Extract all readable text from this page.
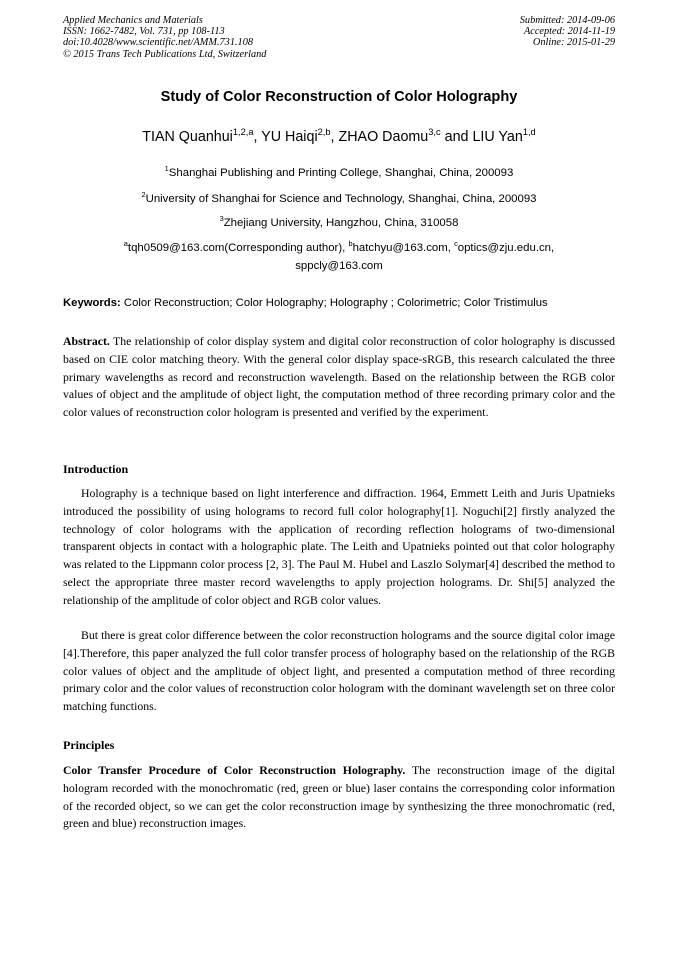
Applied Mechanics and Materials
ISSN: 1662-7482, Vol. 731, pp 108-113
doi:10.4028/www.scientific.net/AMM.731.108
© 2015 Trans Tech Publications Ltd, Switzerland
Submitted: 2014-09-06
Accepted: 2014-11-19
Online: 2015-01-29
Study of Color Reconstruction of Color Holography
TIAN Quanhui$^{1,2,a}$, YU Haiqi$^{2,b}$, ZHAO Daomu$^{3,c}$ and LIU Yan$^{1,d}$
$^1$Shanghai Publishing and Printing College, Shanghai, China, 200093
$^2$University of Shanghai for Science and Technology, Shanghai, China, 200093
$^3$Zhejiang University, Hangzhou, China, 310058
$^a$tqh0509@163.com(Corresponding author), $^b$hatchyu@163.com, $^c$optics@zju.edu.cn,
sppcly@163.com
Keywords: Color Reconstruction; Color Holography; Holography ; Colorimetric; Color Tristimulus
Abstract. The relationship of color display system and digital color reconstruction of color holography is discussed based on CIE color matching theory. With the general color display space-sRGB, this research calculated the three primary wavelengths as record and reconstruction wavelength. Based on the relationship between the RGB color values of object and the amplitude of object light, the computation method of three recording primary color and the color values of reconstruction color hologram is presented and verified by the experiment.
Introduction
Holography is a technique based on light interference and diffraction. 1964, Emmett Leith and Juris Upatnieks introduced the possibility of using holograms to record full color holography[1]. Noguchi[2] firstly analyzed the technology of color holograms with the application of recording reflection holograms of two-dimensional transparent objects in contact with a holographic plate. The Leith and Upatnieks pointed out that color holography was related to the Lippmann color process [2, 3]. The Paul M. Hubel and Laszlo Solymar[4] described the method to select the appropriate three master record wavelengths to apply projection holograms. Dr. Shi[5] analyzed the relationship of the amplitude of color object and RGB color values.
But there is great color difference between the color reconstruction holograms and the source digital color image [4].Therefore, this paper analyzed the full color transfer process of holography based on the relationship of the RGB color values of object and the amplitude of object light, and presented a computation method of three recording primary color and the color values of reconstruction color hologram with the dominant wavelength set on three color matching functions.
Principles
Color Transfer Procedure of Color Reconstruction Holography. The reconstruction image of the digital hologram recorded with the monochromatic (red, green or blue) laser contains the corresponding color information of the recorded object, so we can get the color reconstruction image by synthesizing the three monochromatic (red, green and blue) reconstruction images.
